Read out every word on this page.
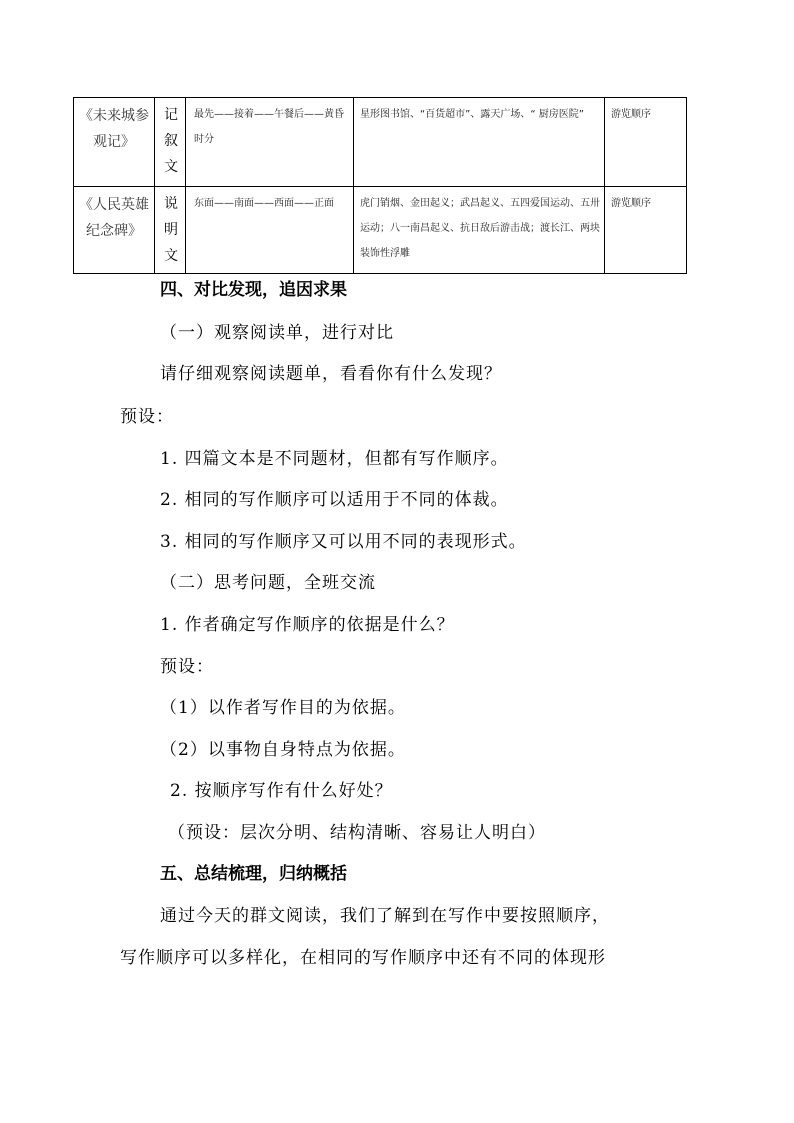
《未来城参观记》	记叙文	最先——接着——午餐后——黄昏时分	星形图书馆、“百货超市”、露天广场、“ 厨房医院”	游览顺序

《人民英雄纪念碑》	说明文	东面——南面——西面——正面	虎门销烟、金田起义；武昌起义、五四爱国运动、五卅运动；八一南昌起义、抗日敌后游击战；渡长江、两块装饰性浮雕	游览顺序
四、对比发现，追因求果
（一）观察阅读单，进行对比
请仔细观察阅读题单，看看你有什么发现？
预设：
1. 四篇文本是不同题材，但都有写作顺序。
2. 相同的写作顺序可以适用于不同的体裁。
3. 相同的写作顺序又可以用不同的表现形式。
（二）思考问题，全班交流
1. 作者确定写作顺序的依据是什么？
预设：
（1）以作者写作目的为依据。
（2）以事物自身特点为依据。
2. 按顺序写作有什么好处？
（预设：层次分明、结构清晰、容易让人明白）
五、总结梳理，归纳概括
通过今天的群文阅读，我们了解到在写作中要按照顺序，
写作顺序可以多样化，在相同的写作顺序中还有不同的体现形
